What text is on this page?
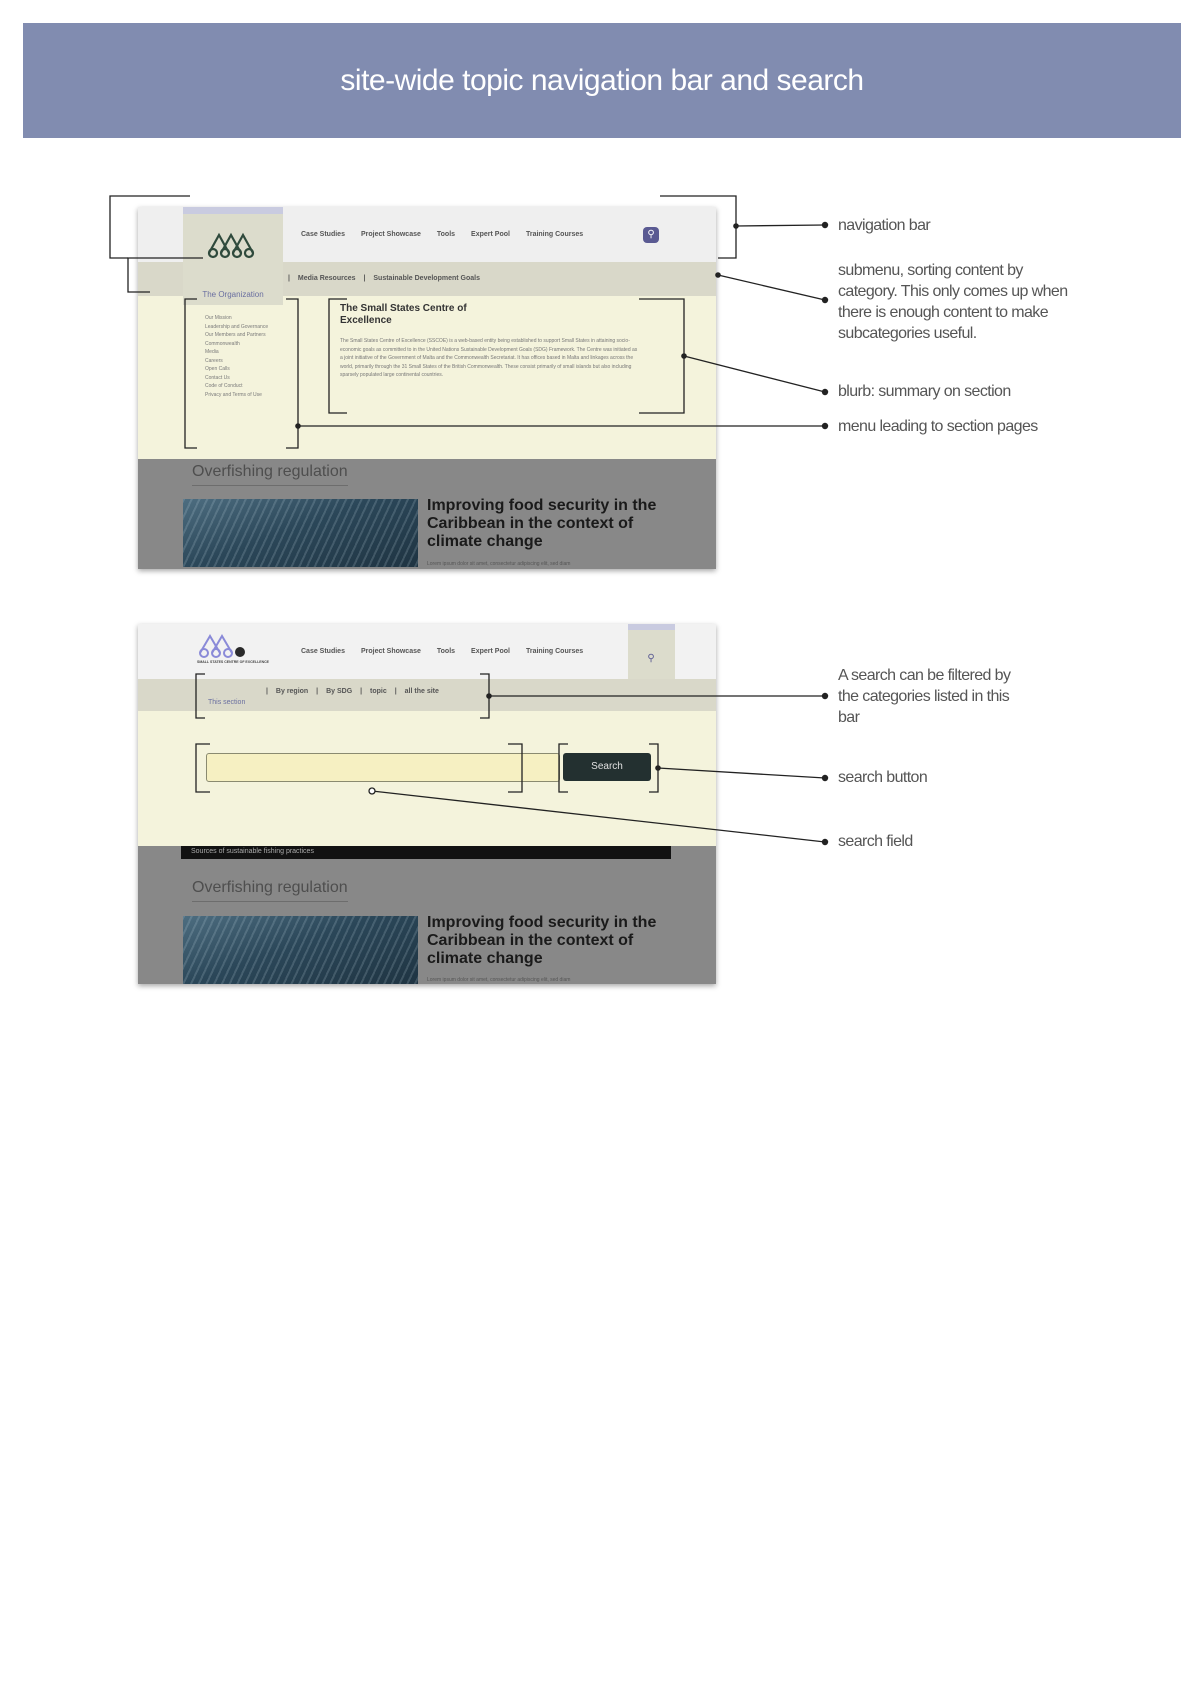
site-wide topic navigation bar and search
| Media Resources | Sustainable Development Goals
The Organization
Case Studies Project Showcase Tools Expert Pool Training Courses	⚲
Our Mission
Leadership and Governance
Our Members and Partners
Commonwealth
Media
Careers
Open Calls
Contact Us
Code of Conduct
Privacy and Terms of Use
The Small States Centre of Excellence
The Small States Centre of Excellence (SSCOE) is a web-based entity being established to support Small States in attaining socio-economic goals as committed to in the United Nations Sustainable Development Goals (SDG) Framework. The Centre was initiated as a joint initiative of the Government of Malta and the Commonwealth Secretariat. It has offices based in Malta and linkages across the world, primarily through the 31 Small States of the British Commonwealth. These consist primarily of small islands but also including sparsely populated large continental countries.
Overfishing regulation
Improving food security in the Caribbean in the context of climate change
Lorem ipsum dolor sit amet, consectetur adipiscing elit, sed diam
SMALL STATES CENTRE OF EXCELLENCE
Case Studies Project Showcase Tools Expert Pool Training Courses
⚲
This section
| By region | By SDG | topic | all the site
Search
Sources of sustainable fishing practices
Overfishing regulation
Improving food security in the Caribbean in the context of climate change
Lorem ipsum dolor sit amet, consectetur adipiscing elit, sed diam
navigation bar
submenu, sorting content by category. This only comes up when there is enough content to make subcategories useful.
blurb: summary on section
menu leading to section pages
A search can be filtered by the categories listed in this bar
search button
search field
